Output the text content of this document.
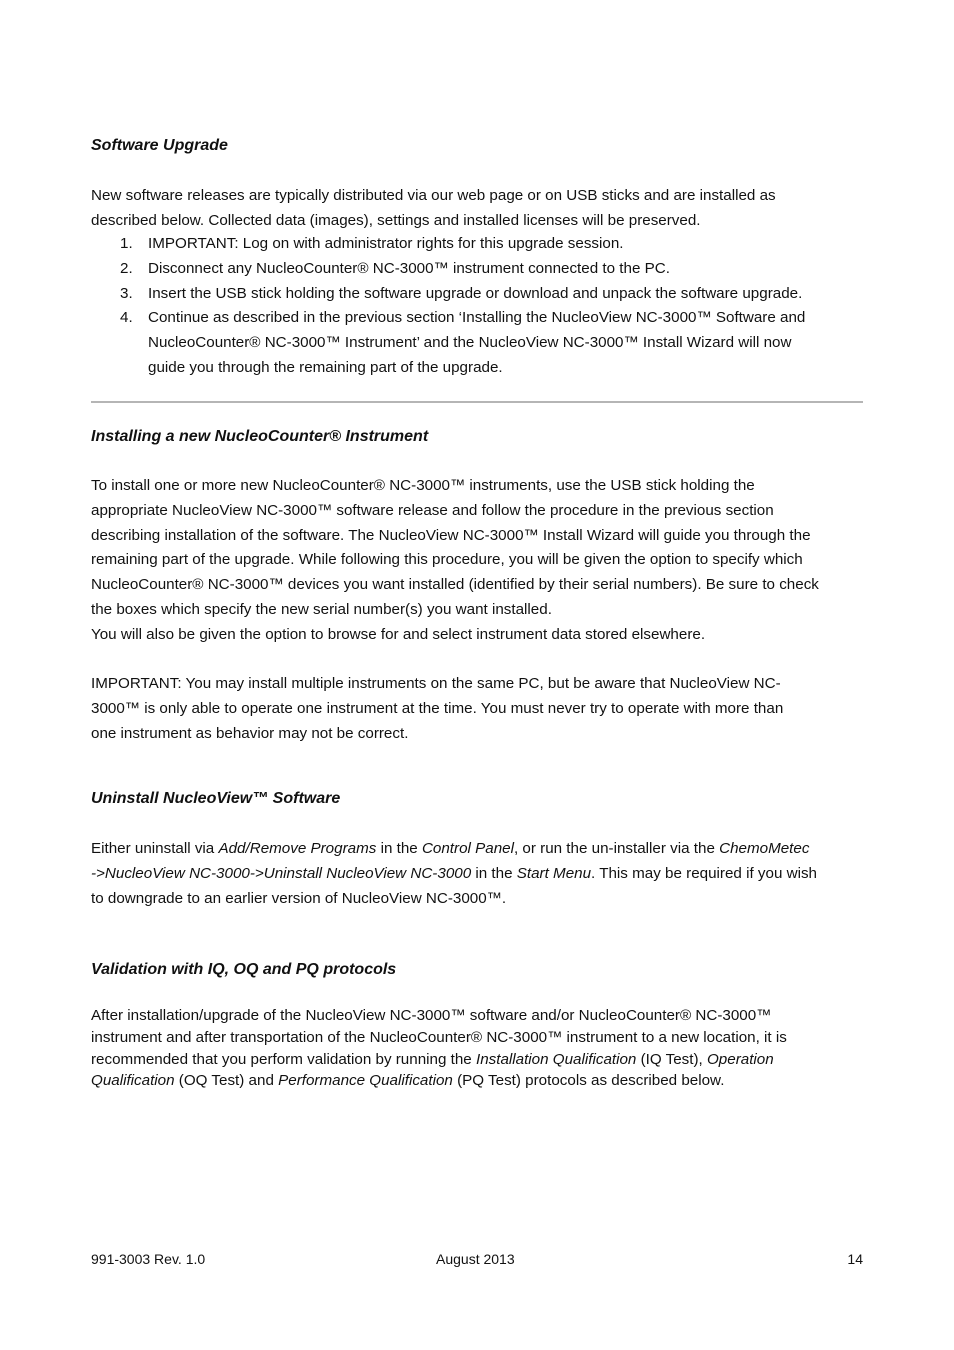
Software Upgrade

New software releases are typically distributed via our web page or on USB sticks and are installed as
described below. Collected data (images), settings and installed licenses will be preserved.

1. IMPORTANT: Log on with administrator rights for this upgrade session.
2. Disconnect any NucleoCounter® NC-3000™ instrument connected to the PC.
3. Insert the USB stick holding the software upgrade or download and unpack the software upgrade.
4. Continue as described in the previous section ‘Installing the NucleoView NC-3000™ Software and
NucleoCounter® NC-3000™ Instrument’ and the NucleoView NC-3000™ Install Wizard will now
guide you through the remaining part of the upgrade.
Installing a new NucleoCounter® Instrument

To install one or more new NucleoCounter® NC-3000™ instruments, use the USB stick holding the
appropriate NucleoView NC-3000™ software release and follow the procedure in the previous section
describing installation of the software. The NucleoView NC-3000™ Install Wizard will guide you through the
remaining part of the upgrade. While following this procedure, you will be given the option to specify which
NucleoCounter® NC-3000™ devices you want installed (identified by their serial numbers). Be sure to check
the boxes which specify the new serial number(s) you want installed.
You will also be given the option to browse for and select instrument data stored elsewhere.

IMPORTANT: You may install multiple instruments on the same PC, but be aware that NucleoView NC-
3000™ is only able to operate one instrument at the time. You must never try to operate with more than
one instrument as behavior may not be correct.

Uninstall NucleoView™ Software

Either uninstall via Add/Remove Programs in the Control Panel, or run the un-installer via the ChemoMetec
->NucleoView NC-3000->Uninstall NucleoView NC-3000 in the Start Menu. This may be required if you wish
to downgrade to an earlier version of NucleoView NC-3000™.

Validation with IQ, OQ and PQ protocols

After installation/upgrade of the NucleoView NC-3000™ software and/or NucleoCounter® NC-3000™
instrument and after transportation of the NucleoCounter® NC-3000™ instrument to a new location, it is
recommended that you perform validation by running the Installation Qualification (IQ Test), Operation
Qualification (OQ Test) and Performance Qualification (PQ Test) protocols as described below.

991-3003 Rev. 1.0	August 2013	14
